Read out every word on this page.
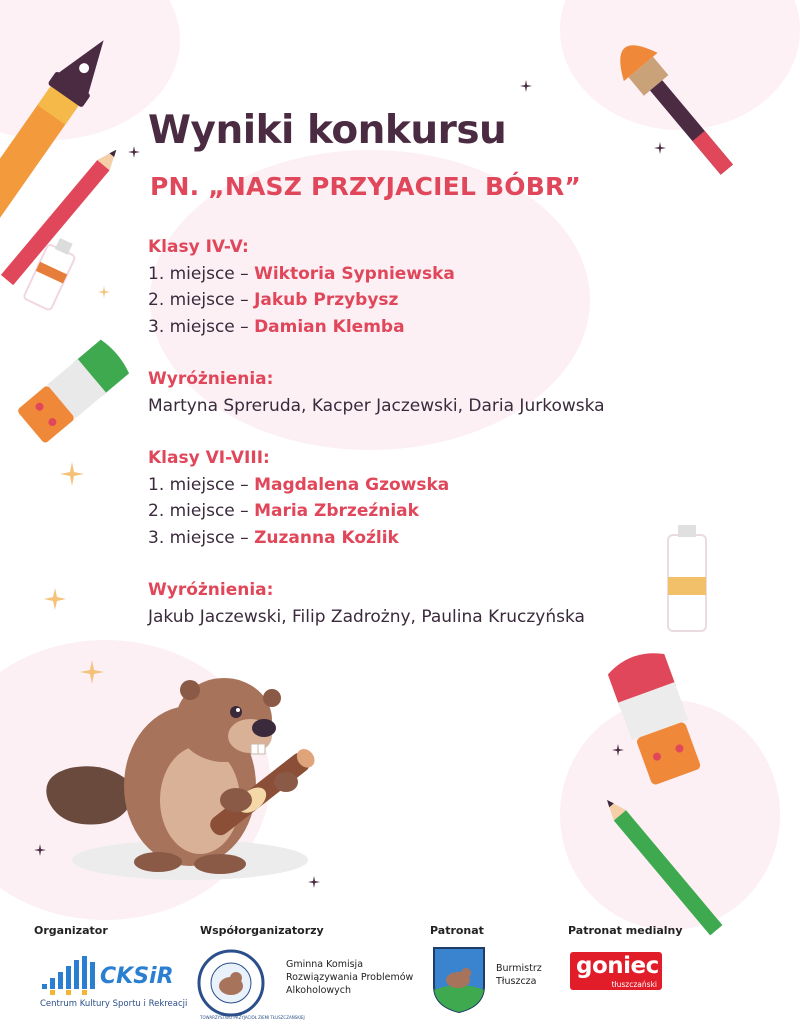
Wyniki konkursu
PN. „NASZ PRZYJACIEL BÓBR”
Klasy IV-V:
1. miejsce – Wiktoria Sypniewska
2. miejsce – Jakub Przybysz
3. miejsce – Damian Klemba
Wyróżnienia:
Martyna Spreruda, Kacper Jaczewski, Daria Jurkowska
Klasy VI-VIII:
1. miejsce – Magdalena Gzowska
2. miejsce – Maria Zbrzeźniak
3. miejsce – Zuzanna Koźlik
Wyróżnienia:
Jakub Jaczewski, Filip Zadrożny, Paulina Kruczyńska
Organizator
CKSiR
Centrum Kultury Sportu i Rekreacji
Współorganizatorzy
TOWARZYSTWO PRZYJACIÓŁ ZIEMI TŁUSZCZAŃSKIEJ
Gminna Komisja
Rozwiązywania Problemów
Alkoholowych
Patronat
Burmistrz
Tłuszcza
Patronat medialny
goniec
tłuszczański
